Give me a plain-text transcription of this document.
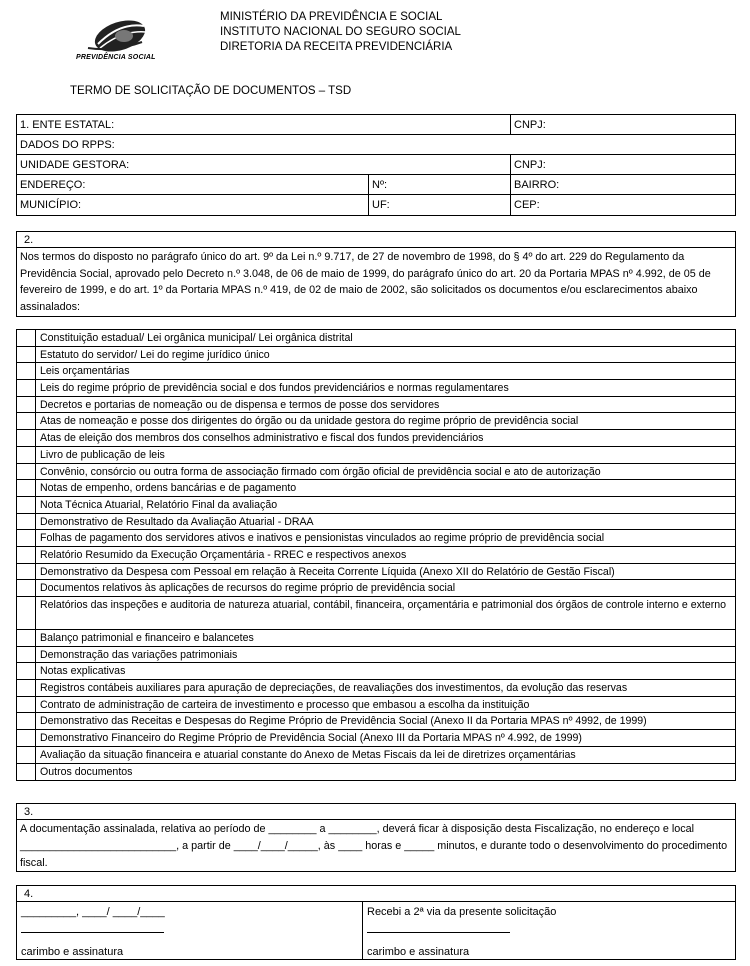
PREVIDÊNCIA SOCIAL
MINISTÉRIO DA PREVIDÊNCIA E SOCIAL
INSTITUTO NACIONAL DO SEGURO SOCIAL
DIRETORIA DA RECEITA PREVIDENCIÁRIA
TERMO DE SOLICITAÇÃO DE DOCUMENTOS – TSD
1. ENTE ESTATAL:	CNPJ:
DADOS DO RPPS:
UNIDADE GESTORA:	CNPJ:
ENDEREÇO:	Nº:	BAIRRO:
MUNICÍPIO:	UF:	CEP:
2.
Nos termos do disposto no parágrafo único do art. 9º da Lei n.º 9.717, de 27 de novembro de 1998, do § 4º do art. 229 do Regulamento da Previdência Social, aprovado pelo Decreto n.º 3.048, de 06 de maio de 1999, do parágrafo único do art. 20 da Portaria MPAS nº 4.992, de 05 de fevereiro de 1999, e do art. 1º da Portaria MPAS n.º 419, de 02 de maio de 2002, são solicitados os documentos e/ou esclarecimentos abaixo assinalados:
Constituição estadual/ Lei orgânica municipal/ Lei orgânica distrital
Estatuto do servidor/ Lei do regime jurídico único
Leis orçamentárias
Leis do regime próprio de previdência social e dos fundos previdenciários e normas regulamentares
Decretos e portarias de nomeação ou de dispensa e termos de posse dos servidores
Atas de nomeação e posse dos dirigentes do órgão ou da unidade gestora do regime próprio de previdência social
Atas de eleição dos membros dos conselhos administrativo e fiscal dos fundos previdenciários
Livro de publicação de leis
Convênio, consórcio ou outra forma de associação firmado com órgão oficial de previdência social e ato de autorização
Notas de empenho, ordens bancárias e de pagamento
Nota Técnica Atuarial, Relatório Final da avaliação
Demonstrativo de Resultado da Avaliação Atuarial - DRAA
Folhas de pagamento dos servidores ativos e inativos e pensionistas vinculados ao regime próprio de previdência social
Relatório Resumido da Execução Orçamentária - RREC e respectivos anexos
Demonstrativo da Despesa com Pessoal em relação à Receita Corrente Líquida (Anexo XII do Relatório de Gestão Fiscal)
Documentos relativos às aplicações de recursos do regime próprio de previdência social
Relatórios das inspeções e auditoria de natureza atuarial, contábil, financeira, orçamentária e patrimonial dos órgãos de controle interno e externo
Balanço patrimonial e financeiro e balancetes
Demonstração das variações patrimoniais
Notas explicativas
Registros contábeis auxiliares para apuração de depreciações, de reavaliações dos investimentos, da evolução das reservas
Contrato de administração de carteira de investimento e processo que embasou a escolha da instituição
Demonstrativo das Receitas e Despesas do Regime Próprio de Previdência Social (Anexo II da Portaria MPAS nº 4992, de 1999)
Demonstrativo Financeiro do Regime Próprio de Previdência Social (Anexo III da Portaria MPAS nº 4.992, de 1999)
Avaliação da situação financeira e atuarial constante do Anexo de Metas Fiscais da lei de diretrizes orçamentárias
Outros documentos
3.
A documentação assinalada, relativa ao período de ________ a ________, deverá ficar à disposição desta Fiscalização, no endereço e local __________________________, a partir de ____/____/_____, às ____ horas e _____ minutos, e durante todo o desenvolvimento do procedimento fiscal.
4.
_________, ____/ ____/____
carimbo e assinatura
Recebi a 2ª via da presente solicitação
carimbo e assinatura
